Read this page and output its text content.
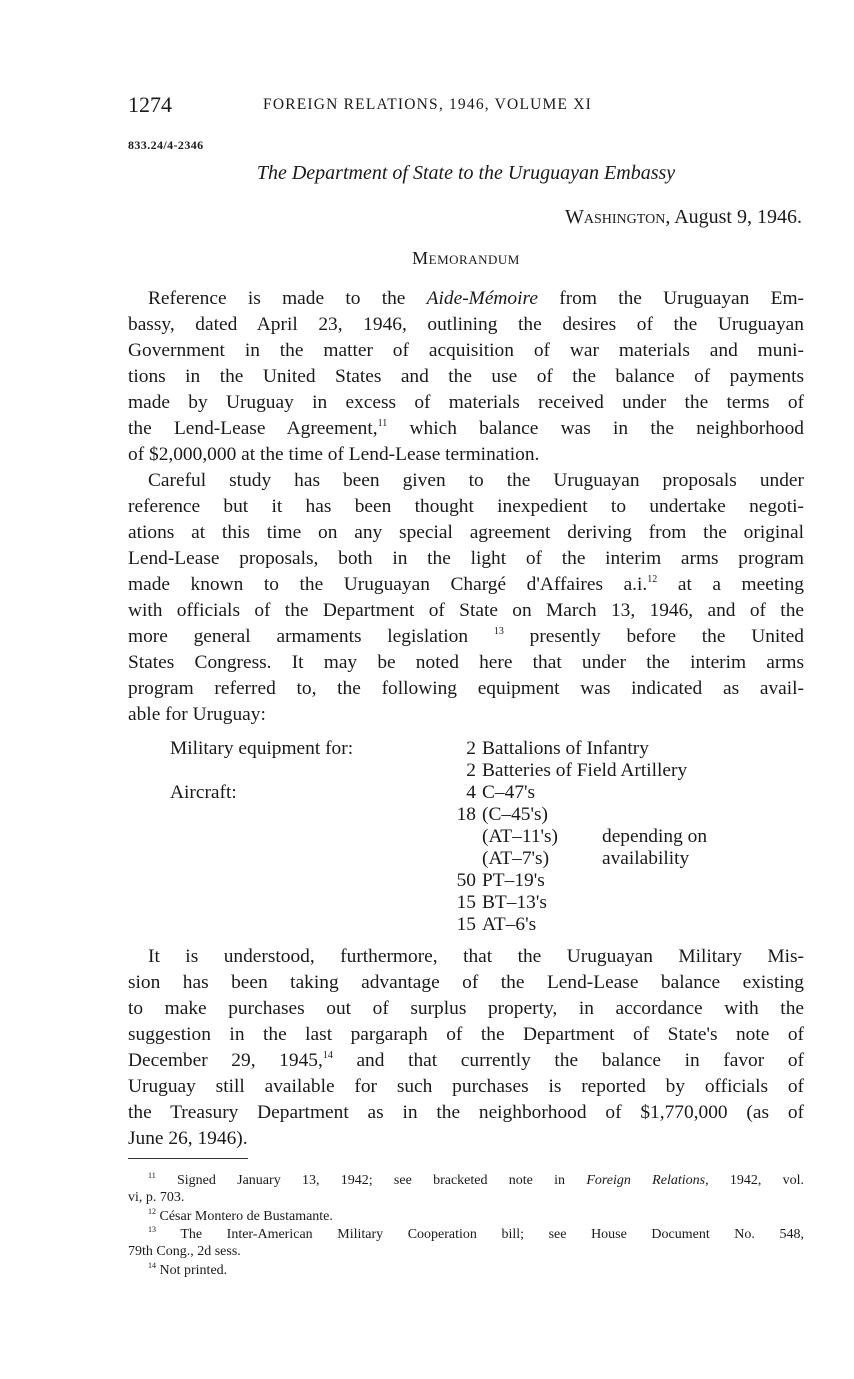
1274	FOREIGN RELATIONS, 1946, VOLUME XI
833.24/4-2346
The Department of State to the Uruguayan Embassy
Washington, August 9, 1946.
Memorandum

Reference is made to the Aide-Mémoire from the Uruguayan Em-
bassy, dated April 23, 1946, outlining the desires of the Uruguayan
Government in the matter of acquisition of war materials and muni-
tions in the United States and the use of the balance of payments
made by Uruguay in excess of materials received under the terms of
the Lend-Lease Agreement,$^{11}$ which balance was in the neighborhood
of $2,000,000 at the time of Lend-Lease termination.

Careful study has been given to the Uruguayan proposals under
reference but it has been thought inexpedient to undertake negoti-
ations at this time on any special agreement deriving from the original
Lend-Lease proposals, both in the light of the interim arms program
made known to the Uruguayan Chargé d'Affaires a.i.$^{12}$ at a meeting
with officials of the Department of State on March 13, 1946, and of the
more general armaments legislation $^{13}$ presently before the United
States Congress. It may be noted here that under the interim arms
program referred to, the following equipment was indicated as avail-
able for Uruguay:

Military equipment for:
Aircraft:
2 Battalions of Infantry
2 Batteries of Field Artillery
4 C–47's
18 (C–45's)
(AT–11's)
(AT–7's)
50 PT–19's
15 BT–13's
15 AT–6's
depending on
availability

It is understood, furthermore, that the Uruguayan Military Mis-
sion has been taking advantage of the Lend-Lease balance existing
to make purchases out of surplus property, in accordance with the
suggestion in the last pargaraph of the Department of State's note of
December 29, 1945,14 and that currently the balance in favor of
Uruguay still available for such purchases is reported by officials of
the Treasury Department as in the neighborhood of $1,770,000 (as of
June 26, 1946).

$^{11}$ Signed January 13, 1942; see bracketed note in Foreign Relations, 1942, vol.
vi, p. 703.
$^{12}$ César Montero de Bustamante.
$^{13}$ The Inter-American Military Cooperation bill; see House Document No. 548,
79th Cong., 2d sess.
$^{14}$ Not printed.
